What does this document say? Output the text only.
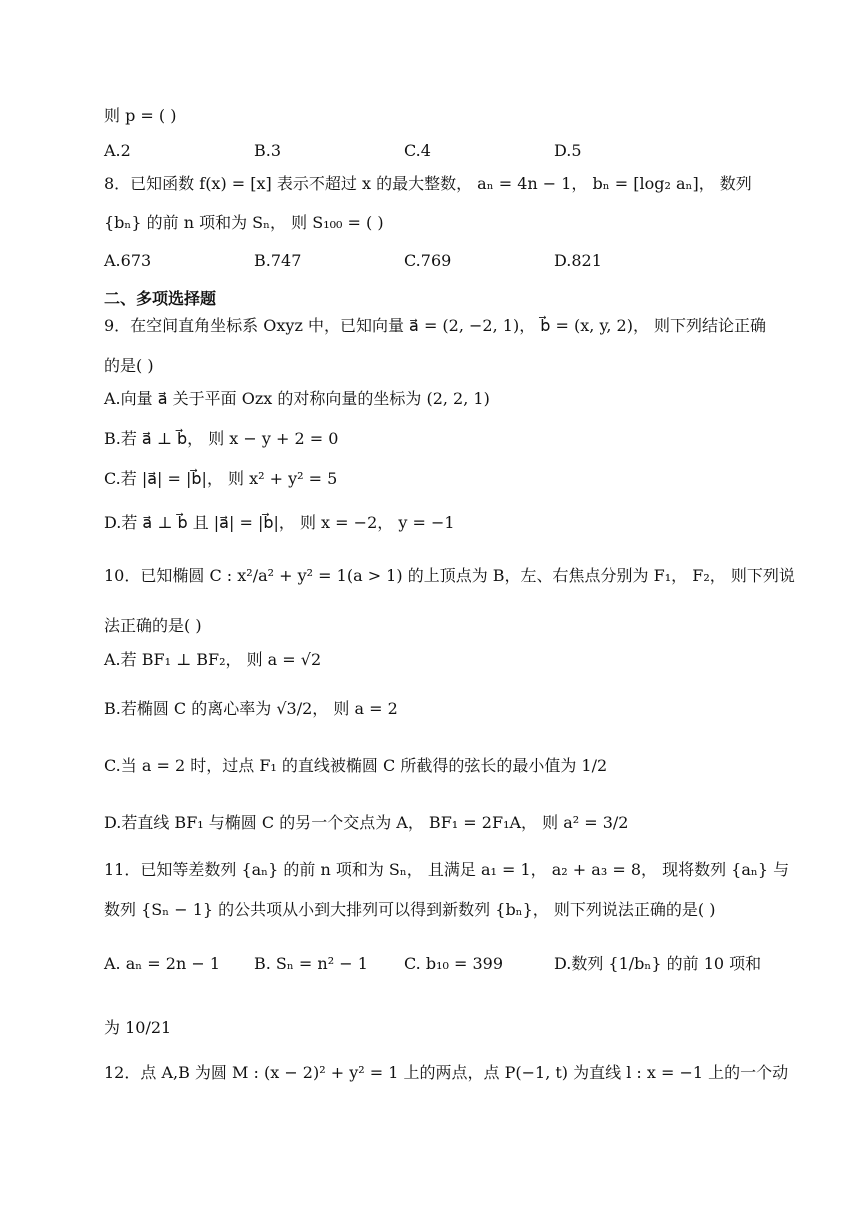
则 p = ( )
A.2	B.3	C.4	D.5
8．已知函数 f(x) = [x] 表示不超过 x 的最大整数， aₙ = 4n − 1， bₙ = [log₂ aₙ]， 数列
{bₙ} 的前 n 项和为 Sₙ， 则 S₁₀₀ = ( )
A.673	B.747	C.769	D.821
二、多项选择题
9．在空间直角坐标系 Oxyz 中，已知向量 a⃗ = (2, −2, 1)， b⃗ = (x, y, 2)， 则下列结论正确
的是( )
A.向量 a⃗ 关于平面 Ozx 的对称向量的坐标为 (2, 2, 1)
B.若 a⃗ ⊥ b⃗， 则 x − y + 2 = 0
C.若 |a⃗| = |b⃗|， 则 x² + y² = 5
D.若 a⃗ ⊥ b⃗ 且 |a⃗| = |b⃗|， 则 x = −2， y = −1
10．已知椭圆 C : x²/a² + y² = 1(a > 1) 的上顶点为 B，左、右焦点分别为 F₁， F₂， 则下列说
法正确的是( )
A.若 BF₁ ⊥ BF₂， 则 a = √2
B.若椭圆 C 的离心率为 √3/2， 则 a = 2
C.当 a = 2 时，过点 F₁ 的直线被椭圆 C 所截得的弦长的最小值为 1/2
D.若直线 BF₁ 与椭圆 C 的另一个交点为 A， BF₁ = 2F₁A， 则 a² = 3/2
11．已知等差数列 {aₙ} 的前 n 项和为 Sₙ， 且满足 a₁ = 1， a₂ + a₃ = 8， 现将数列 {aₙ} 与
数列 {Sₙ − 1} 的公共项从小到大排列可以得到新数列 {bₙ}， 则下列说法正确的是( )
A. aₙ = 2n − 1 B. Sₙ = n² − 1 C. b₁₀ = 399	D.数列 {1/bₙ} 的前 10 项和
为 10/21
12．点 A,B 为圆 M : (x − 2)² + y² = 1 上的两点，点 P(−1, t) 为直线 l : x = −1 上的一个动
